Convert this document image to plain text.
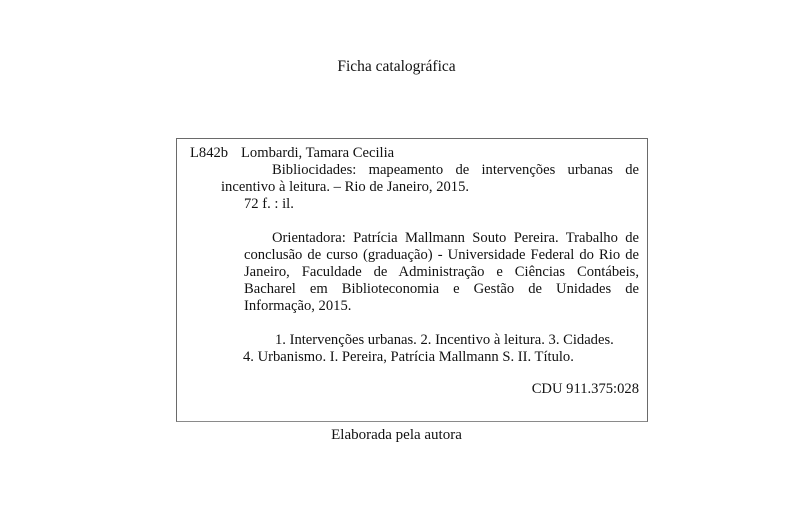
Ficha catalográfica
L842b Lombardi, Tamara Cecilia
Bibliocidades: mapeamento de intervenções urbanas de
incentivo à leitura. – Rio de Janeiro, 2015.
72 f. : il.
Orientadora: Patrícia Mallmann Souto Pereira. Trabalho de
conclusão de curso (graduação) - Universidade Federal do Rio de
Janeiro, Faculdade de Administração e Ciências Contábeis,
Bacharel em Biblioteconomia e Gestão de Unidades de
Informação, 2015.
1. Intervenções urbanas. 2. Incentivo à leitura. 3. Cidades.
4. Urbanismo. I. Pereira, Patrícia Mallmann S. II. Título.
CDU 911.375:028
Elaborada pela autora
